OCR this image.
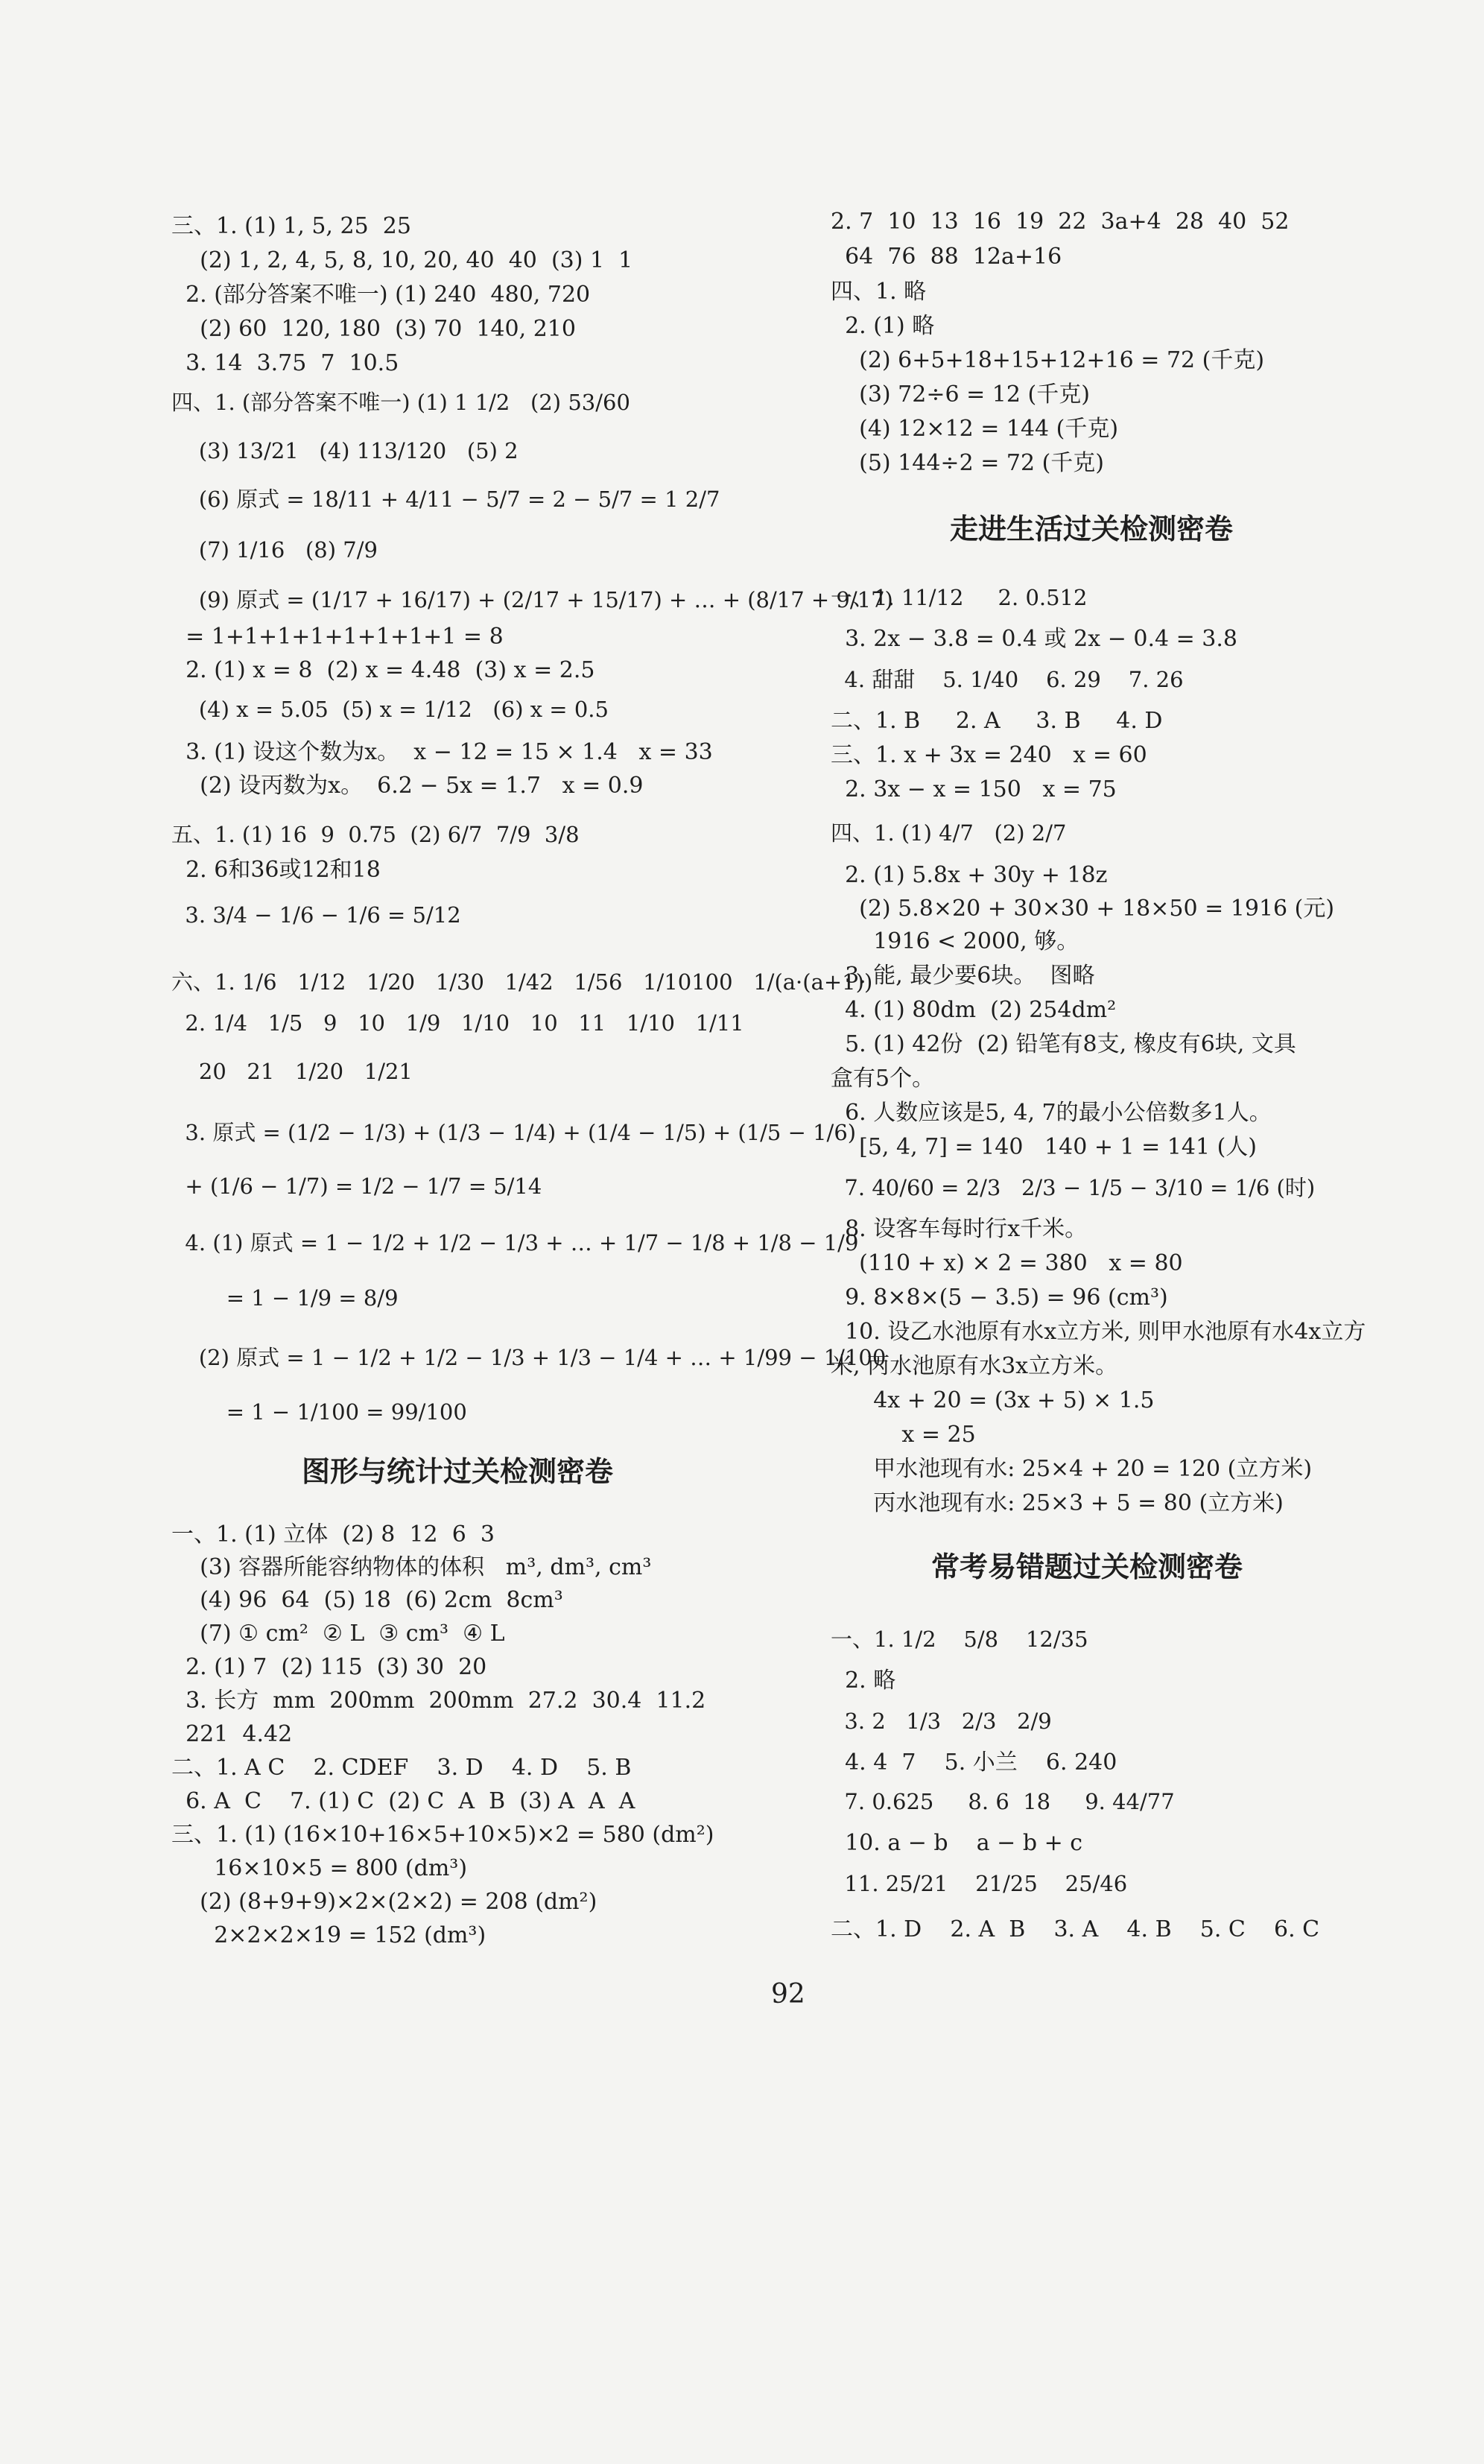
三、1. (1) 1, 5, 25  25
(2) 1, 2, 4, 5, 8, 10, 20, 40  40  (3) 1  1
2. (部分答案不唯一) (1) 240  480, 720
(2) 60  120, 180  (3) 70  140, 210
3. 14  3.75  7  10.5
四、1. (部分答案不唯一) (1) 1 1/2   (2) 53/60
(3) 13/21   (4) 113/120   (5) 2
(6) 原式 = 18/11 + 4/11 − 5/7 = 2 − 5/7 = 1 2/7
(7) 1/16   (8) 7/9
(9) 原式 = (1/17 + 16/17) + (2/17 + 15/17) + … + (8/17 + 9/17)
= 1+1+1+1+1+1+1+1 = 8
2. (1) x = 8  (2) x = 4.48  (3) x = 2.5
(4) x = 5.05  (5) x = 1/12   (6) x = 0.5
3. (1) 设这个数为x。  x − 12 = 15 × 1.4   x = 33
(2) 设丙数为x。  6.2 − 5x = 1.7   x = 0.9
五、1. (1) 16  9  0.75  (2) 6/7  7/9  3/8
2. 6和36或12和18
3. 3/4 − 1/6 − 1/6 = 5/12
六、1. 1/6   1/12   1/20   1/30   1/42   1/56   1/10100   1/(a·(a+1))
2. 1/4   1/5   9   10   1/9   1/10   10   11   1/10   1/11
20   21   1/20   1/21
3. 原式 = (1/2 − 1/3) + (1/3 − 1/4) + (1/4 − 1/5) + (1/5 − 1/6)
+ (1/6 − 1/7) = 1/2 − 1/7 = 5/14
4. (1) 原式 = 1 − 1/2 + 1/2 − 1/3 + … + 1/7 − 1/8 + 1/8 − 1/9
= 1 − 1/9 = 8/9
(2) 原式 = 1 − 1/2 + 1/2 − 1/3 + 1/3 − 1/4 + … + 1/99 − 1/100
= 1 − 1/100 = 99/100
图形与统计过关检测密卷
一、1. (1) 立体  (2) 8  12  6  3
(3) 容器所能容纳物体的体积   m³, dm³, cm³
(4) 96  64  (5) 18  (6) 2cm  8cm³
(7) ① cm²  ② L  ③ cm³  ④ L
2. (1) 7  (2) 115  (3) 30  20
3. 长方  mm  200mm  200mm  27.2  30.4  11.2
221  4.42
二、1. A C    2. CDEF    3. D    4. D    5. B
6. A  C    7. (1) C  (2) C  A  B  (3) A  A  A
三、1. (1) (16×10+16×5+10×5)×2 = 580 (dm²)
16×10×5 = 800 (dm³)
(2) (8+9+9)×2×(2×2) = 208 (dm²)
2×2×2×19 = 152 (dm³)
2. 7  10  13  16  19  22  3a+4  28  40  52
64  76  88  12a+16
四、1. 略
2. (1) 略
(2) 6+5+18+15+12+16 = 72 (千克)
(3) 72÷6 = 12 (千克)
(4) 12×12 = 144 (千克)
(5) 144÷2 = 72 (千克)
走进生活过关检测密卷
一、1. 11/12     2. 0.512
3. 2x − 3.8 = 0.4 或 2x − 0.4 = 3.8
4. 甜甜    5. 1/40    6. 29    7. 26
二、1. B     2. A     3. B     4. D
三、1. x + 3x = 240   x = 60
2. 3x − x = 150   x = 75
四、1. (1) 4/7   (2) 2/7
2. (1) 5.8x + 30y + 18z
(2) 5.8×20 + 30×30 + 18×50 = 1916 (元)
1916 < 2000, 够。
3. 能, 最少要6块。  图略
4. (1) 80dm  (2) 254dm²
5. (1) 42份  (2) 铅笔有8支, 橡皮有6块, 文具
盒有5个。
6. 人数应该是5, 4, 7的最小公倍数多1人。
[5, 4, 7] = 140   140 + 1 = 141 (人)
7. 40/60 = 2/3   2/3 − 1/5 − 3/10 = 1/6 (时)
8. 设客车每时行x千米。
(110 + x) × 2 = 380   x = 80
9. 8×8×(5 − 3.5) = 96 (cm³)
10. 设乙水池原有水x立方米, 则甲水池原有水4x立方
米, 丙水池原有水3x立方米。
4x + 20 = (3x + 5) × 1.5
x = 25
甲水池现有水: 25×4 + 20 = 120 (立方米)
丙水池现有水: 25×3 + 5 = 80 (立方米)
常考易错题过关检测密卷
一、1. 1/2    5/8    12/35
2. 略
3. 2   1/3   2/3   2/9
4. 4  7    5. 小兰    6. 240
7. 0.625     8. 6  18     9. 44/77
10. a − b    a − b + c
11. 25/21    21/25    25/46
二、1. D    2. A  B    3. A    4. B    5. C    6. C
92
